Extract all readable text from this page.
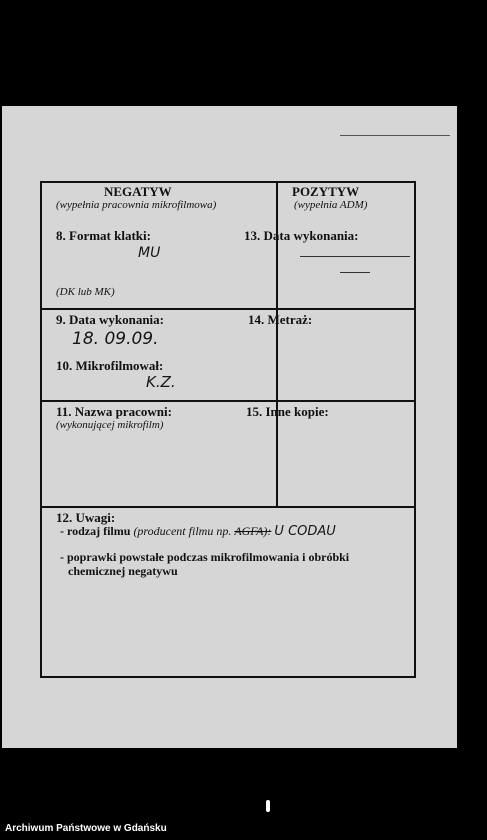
NEGATYW
(wypełnia pracownia mikrofilmowa)
POZYTYW
(wypełnia ADM)
8. Format klatki:
MU
(DK lub MK)
13. Data wykonania:
9. Data wykonania:
18. 09.09.
14. Metraż:
10. Mikrofilmował:
K.Z.
11. Nazwa pracowni:
(wykonującej mikrofilm)
15. Inne kopie:
12. Uwagi:
- rodzaj filmu (producent filmu np. AGFA): U CODAU
- poprawki powstałe podczas mikrofilmowania i obróbki
chemicznej negatywu
Archiwum Państwowe w Gdańsku
